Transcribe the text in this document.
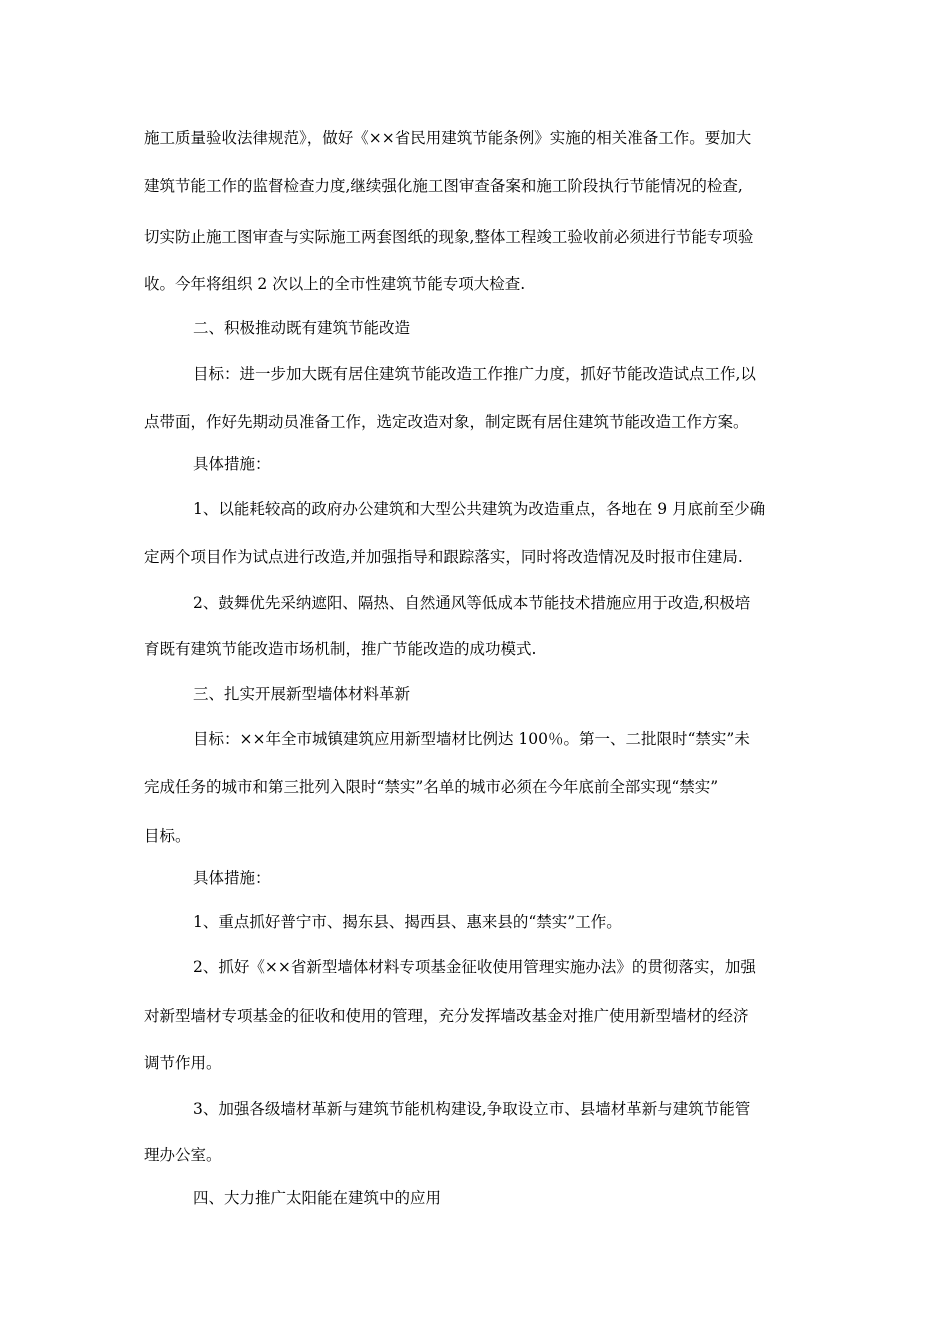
施工质量验收法律规范》，做好《××省民用建筑节能条例》实施的相关准备工作。要加大
建筑节能工作的监督检查力度,继续强化施工图审查备案和施工阶段执行节能情况的检查,
切实防止施工图审查与实际施工两套图纸的现象,整体工程竣工验收前必须进行节能专项验
收。今年将组织 2 次以上的全市性建筑节能专项大检查.
二、积极推动既有建筑节能改造
目标：进一步加大既有居住建筑节能改造工作推广力度，抓好节能改造试点工作,以
点带面，作好先期动员准备工作，选定改造对象，制定既有居住建筑节能改造工作方案。
具体措施：
1、以能耗较高的政府办公建筑和大型公共建筑为改造重点，各地在 9 月底前至少确
定两个项目作为试点进行改造,并加强指导和跟踪落实，同时将改造情况及时报市住建局.
2、鼓舞优先采纳遮阳、隔热、自然通风等低成本节能技术措施应用于改造,积极培
育既有建筑节能改造市场机制，推广节能改造的成功模式.
三、扎实开展新型墙体材料革新
目标：××年全市城镇建筑应用新型墙材比例达 100％。第一、二批限时“禁实”未
完成任务的城市和第三批列入限时“禁实”名单的城市必须在今年底前全部实现“禁实”
目标。
具体措施：
1、重点抓好普宁市、揭东县、揭西县、惠来县的“禁实”工作。
2、抓好《××省新型墙体材料专项基金征收使用管理实施办法》的贯彻落实，加强
对新型墙材专项基金的征收和使用的管理，充分发挥墙改基金对推广使用新型墙材的经济
调节作用。
3、加强各级墙材革新与建筑节能机构建设,争取设立市、县墙材革新与建筑节能管
理办公室。
四、大力推广太阳能在建筑中的应用
